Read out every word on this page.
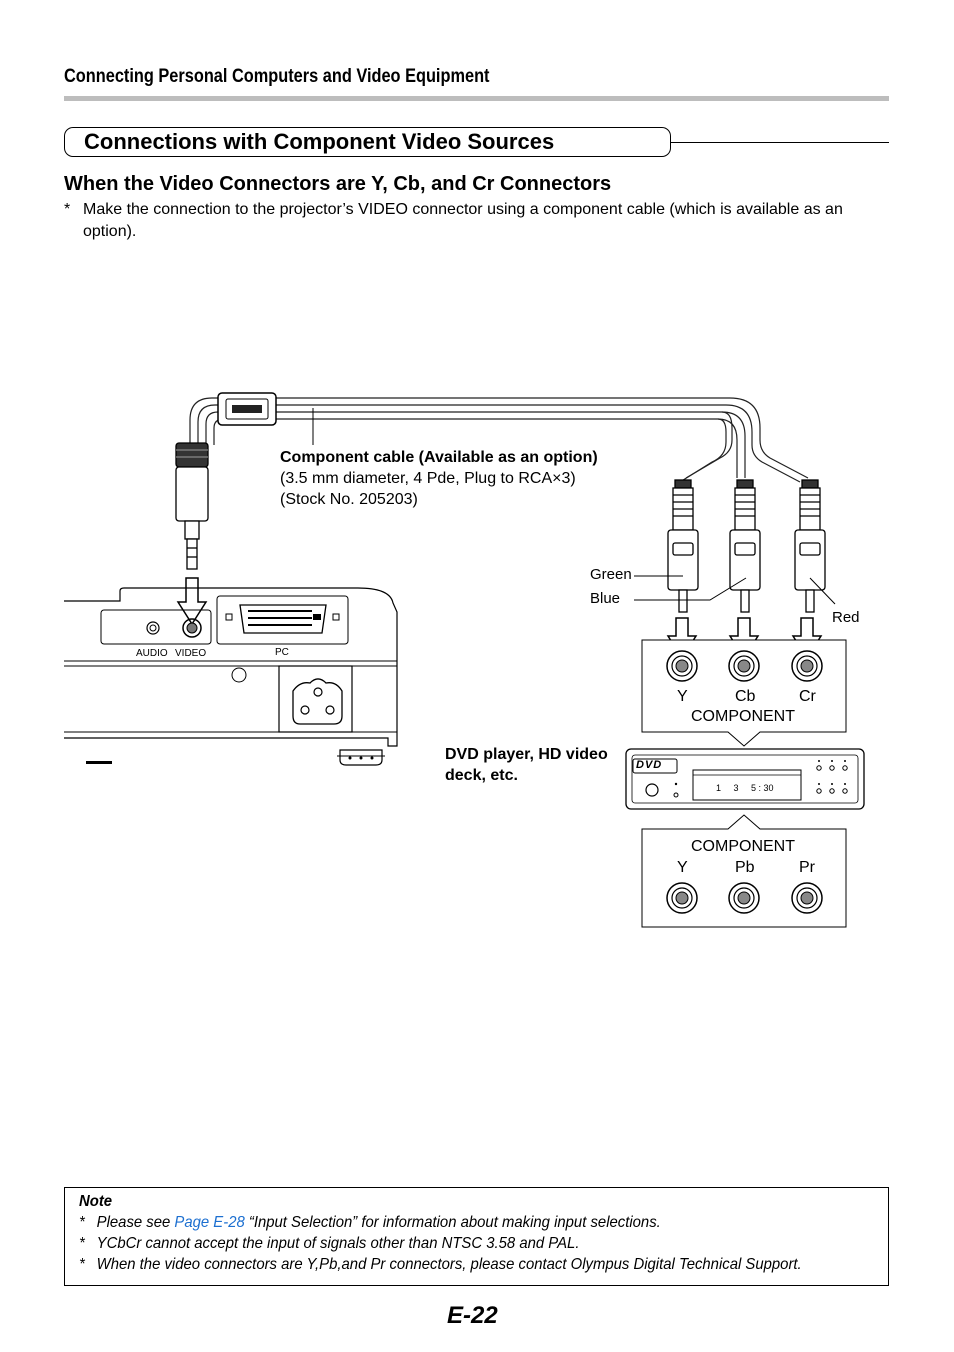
Connecting Personal Computers and Video Equipment
Connections with Component Video Sources
When the Video Connectors are Y, Cb, and Cr Connectors
* Make the connection to the projector’s VIDEO connector using a component cable (which is available as an option).
Component cable (Available as an option)
(3.5 mm diameter, 4 Pde, Plug to RCA×3)
(Stock No. 205203)
Green
Blue
Red
AUDIO VIDEO	PC
Y	Cb	Cr
COMPONENT
DVD player, HD video
deck, etc.
DVD
1     3     5 : 30
COMPONENT
Y	Pb	Pr
Note
* Please see Page E-28 “Input Selection” for information about making input selections.
* YCbCr cannot accept the input of signals other than NTSC 3.58 and PAL.
* When the video connectors are Y,Pb,and Pr connectors, please contact Olympus Digital Technical Support.
E-22
